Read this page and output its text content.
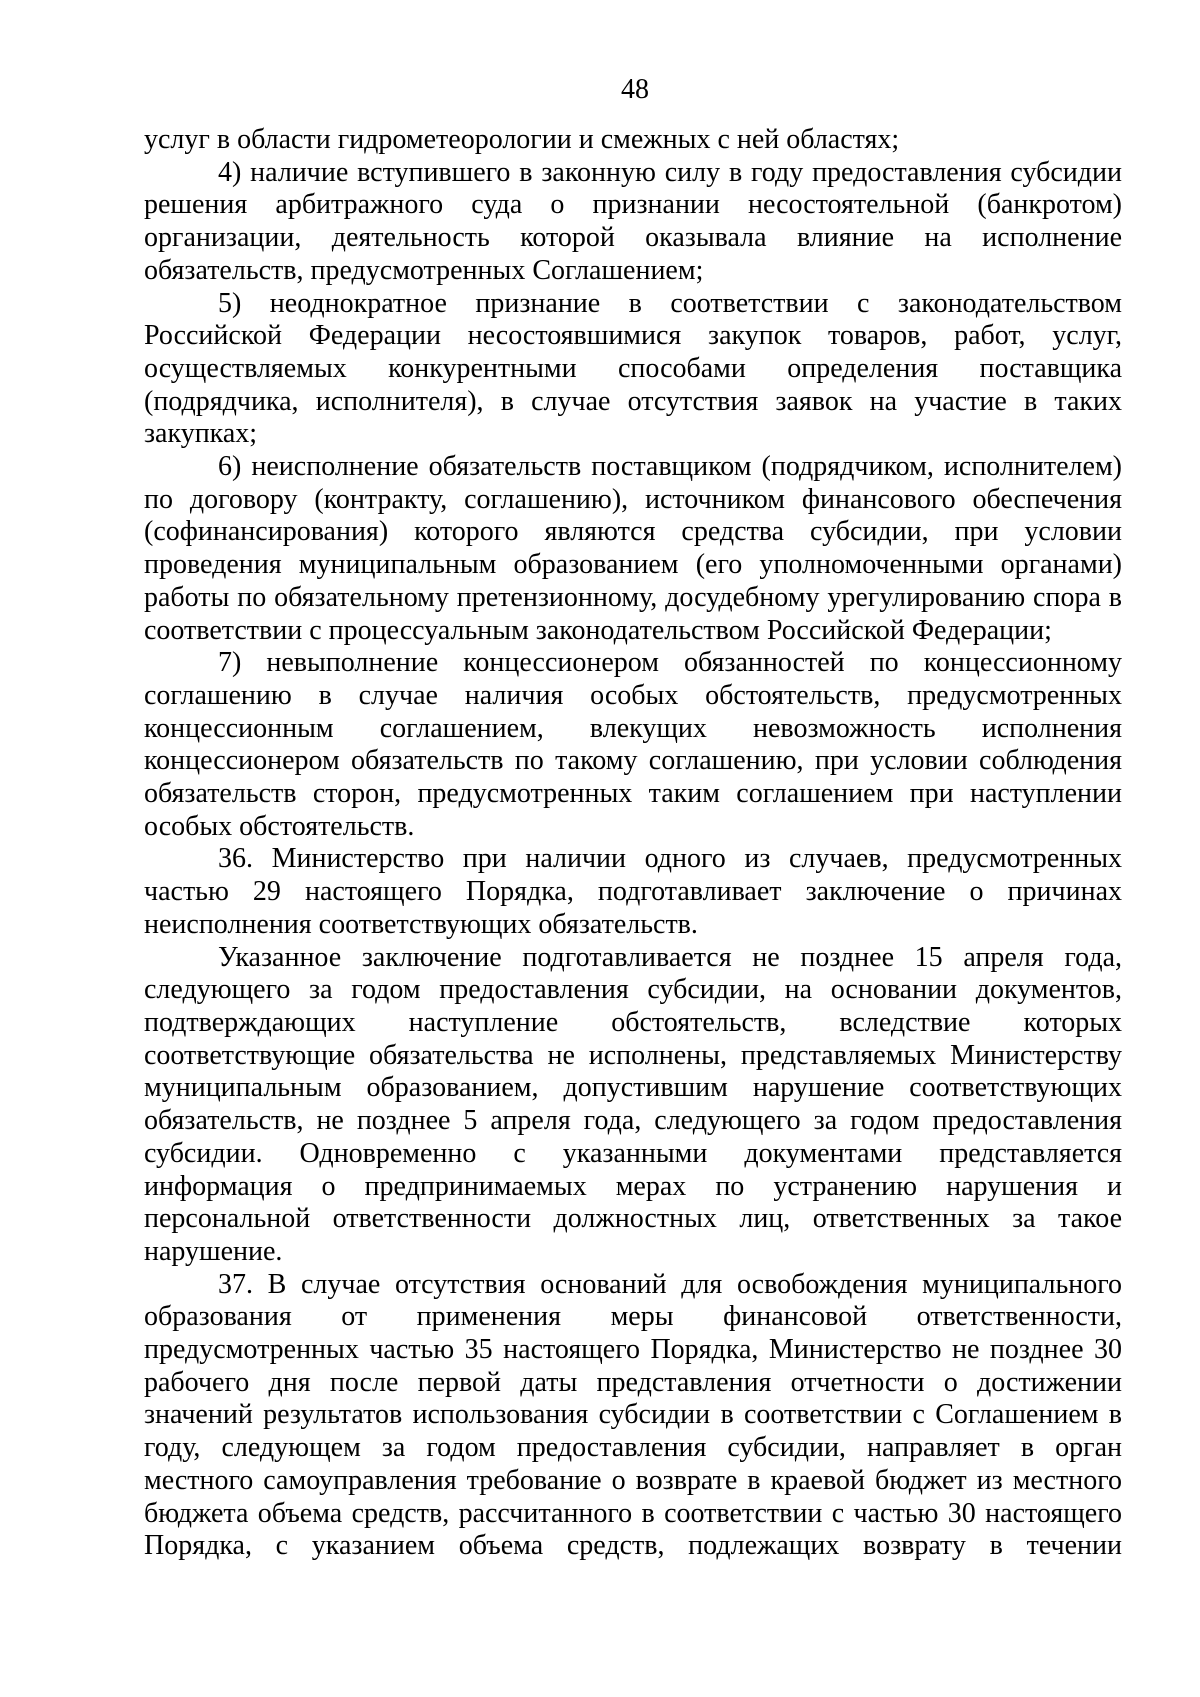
48

услуг в области гидрометеорологии и смежных с ней областях;

4) наличие вступившего в законную силу в году предоставления субсидии решения арбитражного суда о признании несостоятельной (банкротом) организации, деятельность которой оказывала влияние на исполнение обязательств, предусмотренных Соглашением;

5) неоднократное признание в соответствии с законодательством Российской Федерации несостоявшимися закупок товаров, работ, услуг, осуществляемых конкурентными способами определения поставщика (подрядчика, исполнителя), в случае отсутствия заявок на участие в таких закупках;

6) неисполнение обязательств поставщиком (подрядчиком, исполнителем) по договору (контракту, соглашению), источником финансового обеспечения (софинансирования) которого являются средства субсидии, при условии проведения муниципальным образованием (его уполномоченными органами) работы по обязательному претензионному, досудебному урегулированию спора в соответствии с процессуальным законодательством Российской Федерации;

7) невыполнение концессионером обязанностей по концессионному соглашению в случае наличия особых обстоятельств, предусмотренных концессионным соглашением, влекущих невозможность исполнения концессионером обязательств по такому соглашению, при условии соблюдения обязательств сторон, предусмотренных таким соглашением при наступлении особых обстоятельств.

36. Министерство при наличии одного из случаев, предусмотренных частью 29 настоящего Порядка, подготавливает заключение о причинах неисполнения соответствующих обязательств.

Указанное заключение подготавливается не позднее 15 апреля года, следующего за годом предоставления субсидии, на основании документов, подтверждающих наступление обстоятельств, вследствие которых соответствующие обязательства не исполнены, представляемых Министерству муниципальным образованием, допустившим нарушение соответствующих обязательств, не позднее 5 апреля года, следующего за годом предоставления субсидии. Одновременно с указанными документами представляется информация о предпринимаемых мерах по устранению нарушения и персональной ответственности должностных лиц, ответственных за такое нарушение.

37. В случае отсутствия оснований для освобождения муниципального образования от применения меры финансовой ответственности, предусмотренных частью 35 настоящего Порядка, Министерство не позднее 30 рабочего дня после первой даты представления отчетности о достижении значений результатов использования субсидии в соответствии с Соглашением в году, следующем за годом предоставления субсидии, направляет в орган местного самоуправления требование о возврате в краевой бюджет из местного бюджета объема средств, рассчитанного в соответствии с частью 30 настоящего Порядка, с указанием объема средств, подлежащих возврату в течении
